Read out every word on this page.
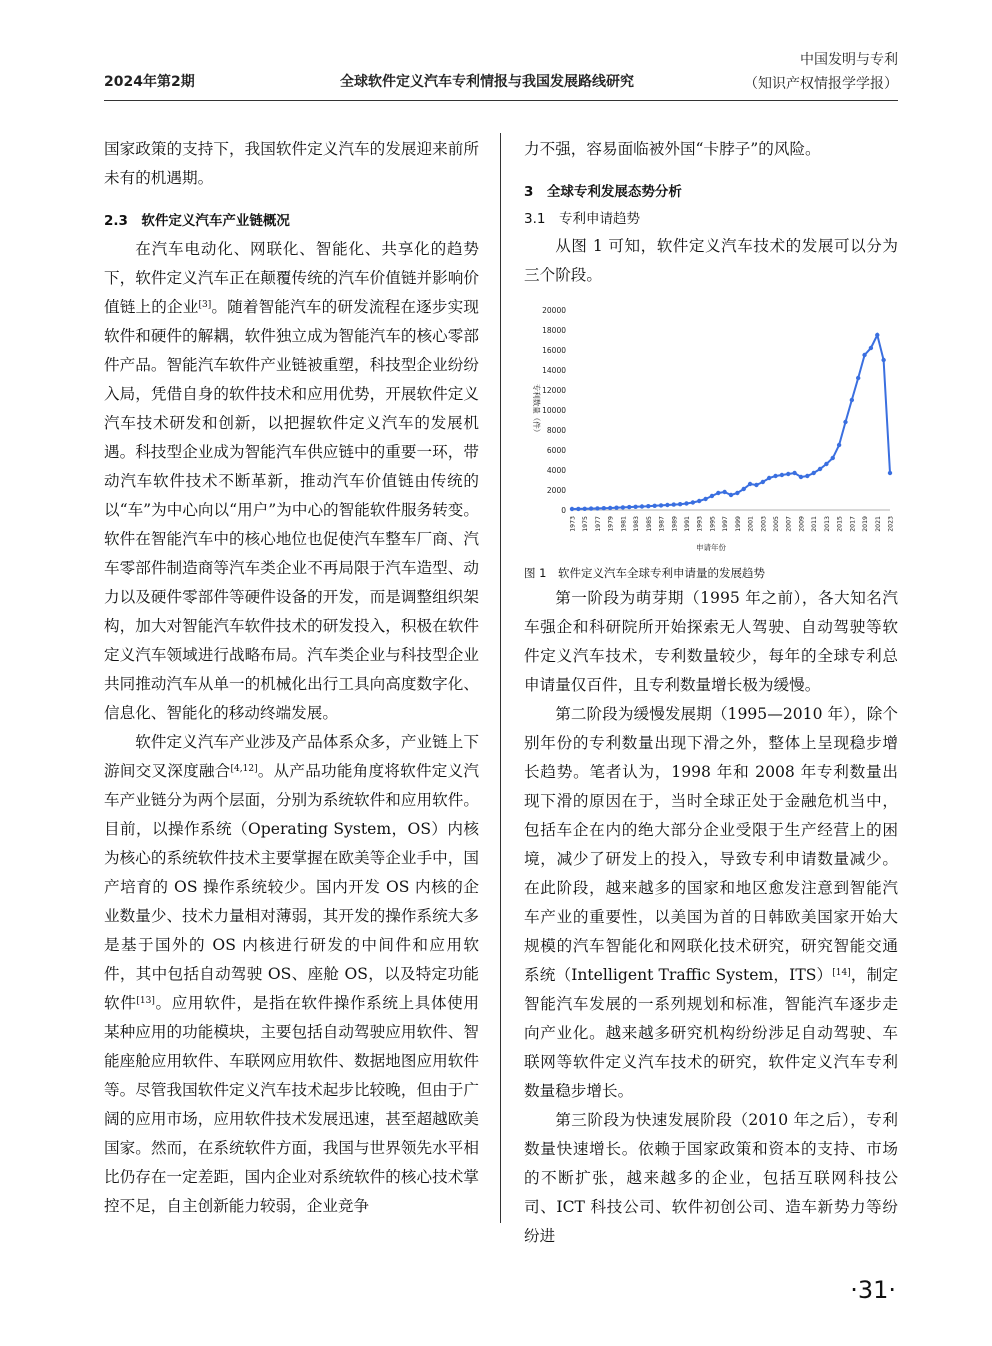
2024年第2期	全球软件定义汽车专利情报与我国发展路线研究
中国发明与专利
（知识产权情报学学报）

国家政策的支持下，我国软件定义汽车的发展迎来前所未有的机遇期。

2.3　软件定义汽车产业链概况

在汽车电动化、网联化、智能化、共享化的趋势下，软件定义汽车正在颠覆传统的汽车价值链并影响价值链上的企业[3]。随着智能汽车的研发流程在逐步实现软件和硬件的解耦，软件独立成为智能汽车的核心零部件产品。智能汽车软件产业链被重塑，科技型企业纷纷入局，凭借自身的软件技术和应用优势，开展软件定义汽车技术研发和创新，以把握软件定义汽车的发展机遇。科技型企业成为智能汽车供应链中的重要一环，带动汽车软件技术不断革新，推动汽车价值链由传统的以“车”为中心向以“用户”为中心的智能软件服务转变。软件在智能汽车中的核心地位也促使汽车整车厂商、汽车零部件制造商等汽车类企业不再局限于汽车造型、动力以及硬件零部件等硬件设备的开发，而是调整组织架构，加大对智能汽车软件技术的研发投入，积极在软件定义汽车领域进行战略布局。汽车类企业与科技型企业共同推动汽车从单一的机械化出行工具向高度数字化、信息化、智能化的移动终端发展。

软件定义汽车产业涉及产品体系众多，产业链上下游间交叉深度融合[4,12]。从产品功能角度将软件定义汽车产业链分为两个层面，分别为系统软件和应用软件。目前，以操作系统（Operating System，OS）内核为核心的系统软件技术主要掌握在欧美等企业手中，国产培育的 OS 操作系统较少。国内开发 OS 内核的企业数量少、技术力量相对薄弱，其开发的操作系统大多是基于国外的 OS 内核进行研发的中间件和应用软件，其中包括自动驾驶 OS、座舱 OS，以及特定功能软件[13]。应用软件，是指在软件操作系统上具体使用某种应用的功能模块，主要包括自动驾驶应用软件、智能座舱应用软件、车联网应用软件、数据地图应用软件等。尽管我国软件定义汽车技术起步比较晚，但由于广阔的应用市场，应用软件技术发展迅速，甚至超越欧美国家。然而，在系统软件方面，我国与世界领先水平相比仍存在一定差距，国内企业对系统软件的核心技术掌控不足，自主创新能力较弱，企业竞争

力不强，容易面临被外国“卡脖子”的风险。

3　全球专利发展态势分析

3.1　专利申请趋势

从图 1 可知，软件定义汽车技术的发展可以分为三个阶段。

0
2000
4000
6000
8000
10000
12000
14000
16000
18000
20000
1973 1975 1977 1979 1981 1983 1985 1987 1989 1991 1993 1995 1997 1999 2001 2003 2005 2007 2009 2011 2013 2015 2017 2019 2021 2023
专利数量（件）
申请年份

图 1　软件定义汽车全球专利申请量的发展趋势

第一阶段为萌芽期（1995 年之前），各大知名汽车强企和科研院所开始探索无人驾驶、自动驾驶等软件定义汽车技术，专利数量较少，每年的全球专利总申请量仅百件，且专利数量增长极为缓慢。

第二阶段为缓慢发展期（1995—2010 年），除个别年份的专利数量出现下滑之外，整体上呈现稳步增长趋势。笔者认为，1998 年和 2008 年专利数量出现下滑的原因在于，当时全球正处于金融危机当中，包括车企在内的绝大部分企业受限于生产经营上的困境，减少了研发上的投入，导致专利申请数量减少。在此阶段，越来越多的国家和地区愈发注意到智能汽车产业的重要性，以美国为首的日韩欧美国家开始大规模的汽车智能化和网联化技术研究，研究智能交通系统（Intelligent Traffic System，ITS）[14]，制定智能汽车发展的一系列规划和标准，智能汽车逐步走向产业化。越来越多研究机构纷纷涉足自动驾驶、车联网等软件定义汽车技术的研究，软件定义汽车专利数量稳步增长。

第三阶段为快速发展阶段（2010 年之后），专利数量快速增长。依赖于国家政策和资本的支持、市场的不断扩张，越来越多的企业，包括互联网科技公司、ICT 科技公司、软件初创公司、造车新势力等纷纷进

·31·
